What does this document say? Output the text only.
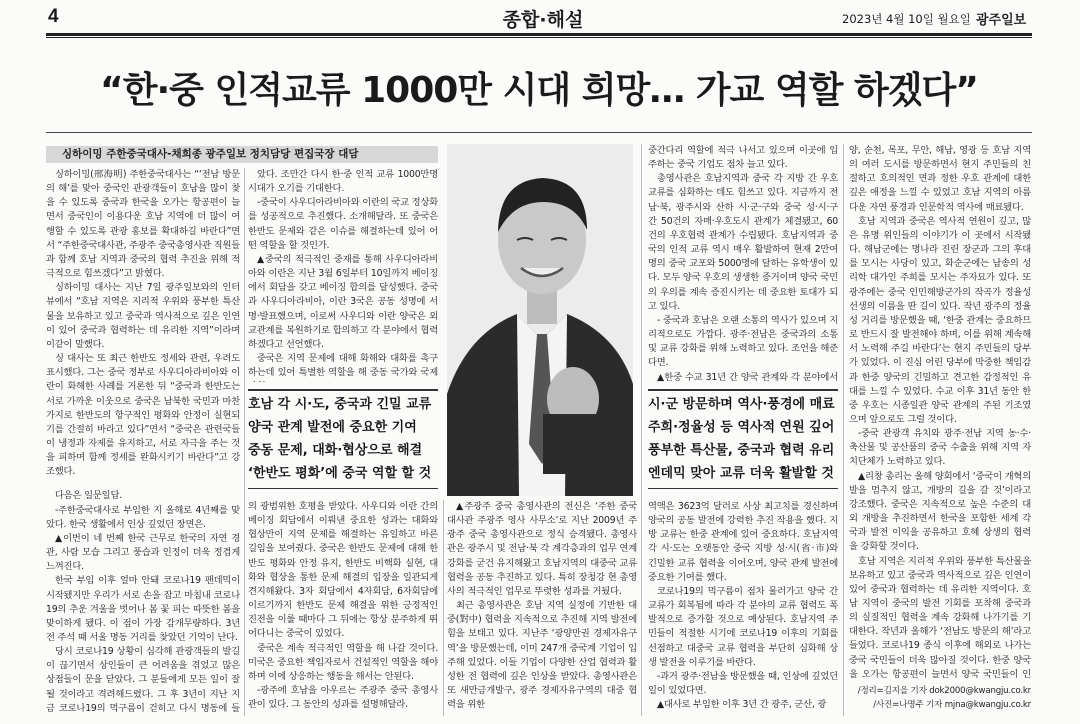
4	종합·해설	2023년 4월 10일 월요일 광주일보
“한·중 인적교류 1000만 시대 희망… 가교 역할 하겠다”
싱하이밍 주한중국대사-채희종 광주일보 정치담당 편집국장 대담

싱하이밍(邢海明) 주한중국대사는 “‘전남 방문의 해’를 맞아 중국인 관광객들이 호남을 많이 찾을 수 있도록 중국과 한국을 오가는 항공편이 늘면서 중국인이 이용다운 호남 지역에 더 많이 여행할 수 있도록 관광 홍보를 확대하길 바란다”면서 “주한중국대사관, 주광주 중국총영사관 직원들과 함께 호남 지역과 중국의 협력 추진을 위해 적극적으로 힘쓰겠다”고 밝혔다.

싱하이밍 대사는 지난 7일 광주일보와의 인터뷰에서 “호남 지역은 지리적 우위와 풍부한 특산물을 보유하고 있고 중국과 역사적으로 깊은 인연이 있어 중국과 협력하는 데 유리한 지역”이라며 이같이 말했다.

싱 대사는 또 최근 한반도 정세와 관련, 우려도 표시했다. 그는 중국 정부로 사우디아라비아와 이란이 화해한 사례를 거론한 뒤 “중국과 한반도는 서로 가까운 이웃으로 중국은 남북한 국민과 마찬가지로 한반도의 항구적인 평화와 안정이 실현되기를 간절히 바라고 있다”면서 “중국은 관련국들이 냉정과 자제를 유지하고, 서로 자극을 주는 것을 피하며 함께 정세를 완화시키기 바란다”고 강조했다.

다음은 일문일답.

-주한중국대사로 부임한 지 올해로 4년째를 맞았다. 한국 생활에서 인상 깊었던 장면은.

▲이번이 네 번째 한국 근무로 한국의 자연 경관, 사람 모습 그리고 풍습과 인정이 더욱 정겹게 느껴진다.

한국 부임 이후 얼마 안돼 코로나19 팬데믹이 시작됐지만 우리가 서로 손을 잡고 마침내 코로나19의 추운 겨울을 벗어나 봄 꽃 피는 따뜻한 봄을 맞이하게 됐다. 이 점이 가장 감개무량하다. 3년 전 주석 때 서울 명동 거리를 찾았던 기억이 난다.

당시 코로나19 상황이 심각해 관광객들의 발길이 끊기면서 상인들이 큰 어려움을 겪었고 많은 상점들이 문을 닫았다. 그 분들에게 모든 일이 잘 될 것이라고 격려해드렸다. 그 후 3년이 지난 지금 코로나19의 먹구름이 걷히고 다시 명동에 들

았다. 조만간 다시 한·중 인적 교류 1000만명 시대가 오기를 기대한다.

-중국이 사우디아라비아와 이란의 국교 정상화를 성공적으로 추진했다. 소개해달라. 또 중국은 한반도 문제와 같은 이슈를 해결하는데 있어 어떤 역할을 할 것인가.

▲중국의 적극적인 중재를 통해 사우디아라비아와 이란은 지난 3월 6일부터 10일까지 베이징에서 회담을 갖고 베이징 합의를 달성했다. 중국과 사우디아라비아, 이란 3국은 공동 성명에 서명·발표했으며, 이로써 사우디와 이란 양국은 외교관계를 복원하기로 합의하고 각 분야에서 협력하겠다고 선언했다.

중국은 지역 문제에 대해 화해와 대화를 촉구하는데 있어 특별한 역할을 해 중동 국가와 국제

호남 각 시·도, 중국과 긴밀 교류
양국 관계 발전에 중요한 기여
중동 문제, 대화·협상으로 해결
‘한반도 평화’에 중국 역할 할 것

의 광범위한 호평을 받았다. 사우디와 이란 간의 베이징 회담에서 이뤄낸 중요한 성과는 대화와 협상만이 지역 문제를 해결하는 유일하고 바른 길임을 보여줬다. 중국은 한반도 문제에 대해 한반도 평화와 안정 유지, 한반도 비핵화 실현, 대화와 협상을 통한 문제 해결의 입장을 일관되게 견지해왔다. 3자 회담에서 4자회담, 6자회담에 이르기까지 한반도 문제 해결을 위한 긍정적인 진전을 이룰 때마다 그 뒤에는 항상 분주하게 뛰어다니는 중국이 있었다.

중국은 계속 적극적인 역할을 해 나갈 것이다. 미국은 중요한 책임자로서 건설적인 역할을 해야 하며 이에 상응하는 행동을 해서는 안된다.

-광주에 호남을 아우르는 주광주 중국 총영사관이 있다. 그 동안의 성과를 설명해달라.

▲주광주 중국 총영사관의 전신은 ‘주한 중국대사관 주광주 영사 사무소’로 지난 2009년 주광주 중국 총영사관으로 정식 승격됐다. 총영사관은 광주시 및 전남·북 각 계각층과의 업무 연계 강화를 굳건 유지해왔고 호남지역의 대중국 교류 협력을 공동 추진하고 있다. 특히 장청강 현 총영사의 적극적인 업무로 뚜렷한 성과를 거뒀다.

최근 총영사관은 호남 지역 실정에 기반한 대중(對中) 협력을 지속적으로 추진해 지역 발전에 힘을 보태고 있다. 지난주 ‘광양만권 경제자유구역’을 방문했는데, 이미 247개 중국계 기업이 입주해 있었다. 이들 기업이 다양한 산업 협력과 활성한 전 협력에 깊은 인상을 받았다. 총영사관은 또 새만금개발구, 광주 경제자유구역의 대중 협력을 위한

중간다리 역할에 적극 나서고 있으며 이곳에 입주하는 중국 기업도 점차 늘고 있다.

총영사관은 호남지역과 중국 각 지방 간 우호 교류를 심화하는 데도 힘쓰고 있다. 지금까지 전남·북, 광주시와 산하 시·군·구와 중국 성·시·구 간 50건의 자매·우호도시 관계가 체결됐고, 60건의 우호협력 관계가 수립됐다. 호남지역과 중국의 인적 교류 역시 매우 활발하여 현재 2만여 명의 중국 교포와 5000명에 달하는 유학생이 있다. 모두 양국 우호의 생생한 증거이며 양국 국민의 우의를 계속 증진시키는 데 중요한 토대가 되고 있다.

- 중국과 호남은 오랜 소통의 역사가 있으며 지리적으로도 가깝다. 광주·전남은 중국과의 소통 및 교류 강화를 위해 노력하고 있다. 조언을 해준다면.

▲한중 수교 31년 간 양국 관계와 각 분야에서

시·군 방문하며 역사·풍경에 매료
주희·정율성 등 역사적 연원 깊어
풍부한 특산물, 중국과 협력 유리
엔데믹 맞아 교류 더욱 활발할 것

역액은 3623억 달러로 사상 최고치를 경신하며 양국의 공동 발전에 강력한 추진 작용을 했다. 지방 교류는 한중 관계에 있어 중요하다. 호남지역 각 시·도는 오랫동안 중국 지방 성·시(省·市)와 긴밀한 교류 협력을 이어오며, 양국 관계 발전에 중요한 기여를 했다.

코로나19의 먹구름이 점차 물러가고 양국 간 교류가 회복됨에 따라 각 분야의 교류 협력도 폭발적으로 증가할 것으로 예상된다. 호남지역 주민들이 적절한 시기에 코로나19 이후의 기회를 선점하고 대중국 교류 협력을 부단히 심화해 상생 발전을 이루기를 바란다.

-과거 광주·전남을 방문했을 때, 인상에 깊었던 일이 있었다면.

▲대사로 부임한 이후 3년 간 광주, 군산, 광

양, 순천, 목포, 무안, 해남, 영광 등 호남 지역의 여러 도시를 방문하면서 현지 주민들의 친절하고 호의적인 면과 정한 우호 관계에 대한 깊은 애정을 느낄 수 있었고 호남 지역의 아름다운 자연 풍경과 인문학적 역사에 매료됐다.

호남 지역과 중국은 역사적 연원이 깊고, 많은 유명 위인들의 이야기가 이 곳에서 시작됐다. 해남군에는 명나라 진린 장군과 그의 후대를 모시는 사당이 있고, 화순군에는 남송의 성리학 대가인 주희를 모시는 주자묘가 있다. 또 광주에는 중국 인민해방군가의 작곡가 정율성 선생의 이름을 딴 길이 있다. 작년 광주의 정율성 거리를 방문했을 때, ‘한중 관계는 중요하므로 반드시 잘 발전해야 하며, 이를 위해 계속해서 노력해 주길 바란다’는 현지 주민들의 당부가 있었다. 이 진심 어린 당부에 막중한 책임감과 한중 양국의 긴밀하고 견고한 감정적인 유대를 느낄 수 있었다. 수교 이후 31년 동안 한중 우호는 시종일관 양국 관계의 주된 기조였으며 앞으로도 그럴 것이다.

-중국 관광객 유치와 광주·전남 지역 농·수·축산물 및 공산품의 중국 수출을 위해 지역 자치단체가 노력하고 있다.

▲리창 총리는 올해 양회에서 ‘중국이 개혁의 발을 멈추지 않고, 개방의 길을 갈 것’이라고 강조했다. 중국은 지속적으로 높은 수준의 대외 개방을 추진하면서 한국을 포함한 세계 각국과 발전 이익을 공유하고 호혜 상생의 협력을 강화할 것이다.

호남 지역은 지리적 우위와 풍부한 특산물을 보유하고 있고 중국과 역사적으로 깊은 인연이 있어 중국과 협력하는 데 유리한 지역이다. 호남 지역이 중국의 발전 기회를 포착해 중국과의 실질적인 협력을 계속 강화해 나가기를 기대한다. 작년과 올해가 ‘전남도 방문의 해’라고 들었다. 코로나19 종식 이후에 해외로 나가는 중국 국민들이 더욱 많아질 것이다. 한중 양국을 오가는 항공편이 늘면서 양국 국민들이 인

/정리=김지을 기자 dok2000@kwangju.co.kr
/사진=나명주 기자 mjna@kwangju.co.kr
